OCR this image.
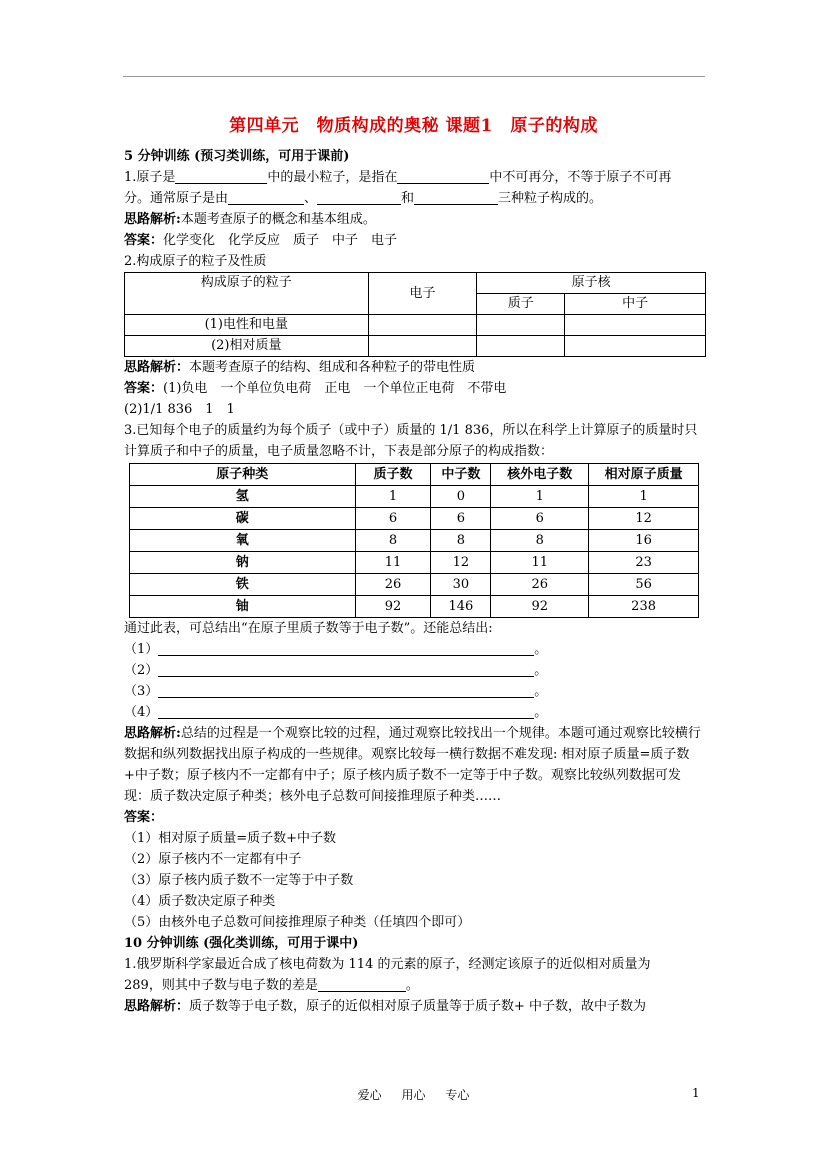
第四单元　物质构成的奥秘 课题1　原子的构成
5 分钟训练 (预习类训练，可用于课前)
1.原子是	中的最小粒子，是指在	中不可再分，不等于原子不可再
分。通常原子是由	、	和	三种粒子构成的。
思路解析:本题考查原子的概念和基本组成。
答案：化学变化　化学反应　质子　中子　电子
2.构成原子的粒子及性质
构成原子的粒子	电子	原子核	
		质子	中子
(1)电性和电量			
(2)相对质量			
思路解析：本题考查原子的结构、组成和各种粒子的带电性质
答案：(1)负电　一个单位负电荷　正电　一个单位正电荷　不带电
(2)1/1 836　1　1
3.已知每个电子的质量约为每个质子（或中子）质量的 1/1 836，所以在科学上计算原子的质量时只计算质子和中子的质量，电子质量忽略不计，下表是部分原子的构成指数：
原子种类	质子数	中子数	核外电子数	相对原子质量
氢	1	0	1	1
碳	6	6	6	12
氧	8	8	8	16
钠	11	12	11	23
铁	26	30	26	56
铀	92	146	92	238
通过此表，可总结出“在原子里质子数等于电子数”。还能总结出:
（1）	。
（2）	。
（3）	。
（4）	。
思路解析:总结的过程是一个观察比较的过程，通过观察比较找出一个规律。本题可通过观察比较横行数据和纵列数据找出原子构成的一些规律。观察比较每一横行数据不难发现: 相对原子质量=质子数+中子数；原子核内不一定都有中子；原子核内质子数不一定等于中子数。观察比较纵列数据可发现：质子数决定原子种类；核外电子总数可间接推理原子种类……
答案：
（1）相对原子质量=质子数+中子数
（2）原子核内不一定都有中子
（3）原子核内质子数不一定等于中子数
（4）质子数决定原子种类
（5）由核外电子总数可间接推理原子种类（任填四个即可）
10 分钟训练 (强化类训练，可用于课中)
1.俄罗斯科学家最近合成了核电荷数为 114 的元素的原子，经测定该原子的近似相对质量为
289，则其中子数与电子数的差是	。
思路解析：质子数等于电子数，原子的近似相对原子质量等于质子数+ 中子数，故中子数为
爱心 用心 专心	1
